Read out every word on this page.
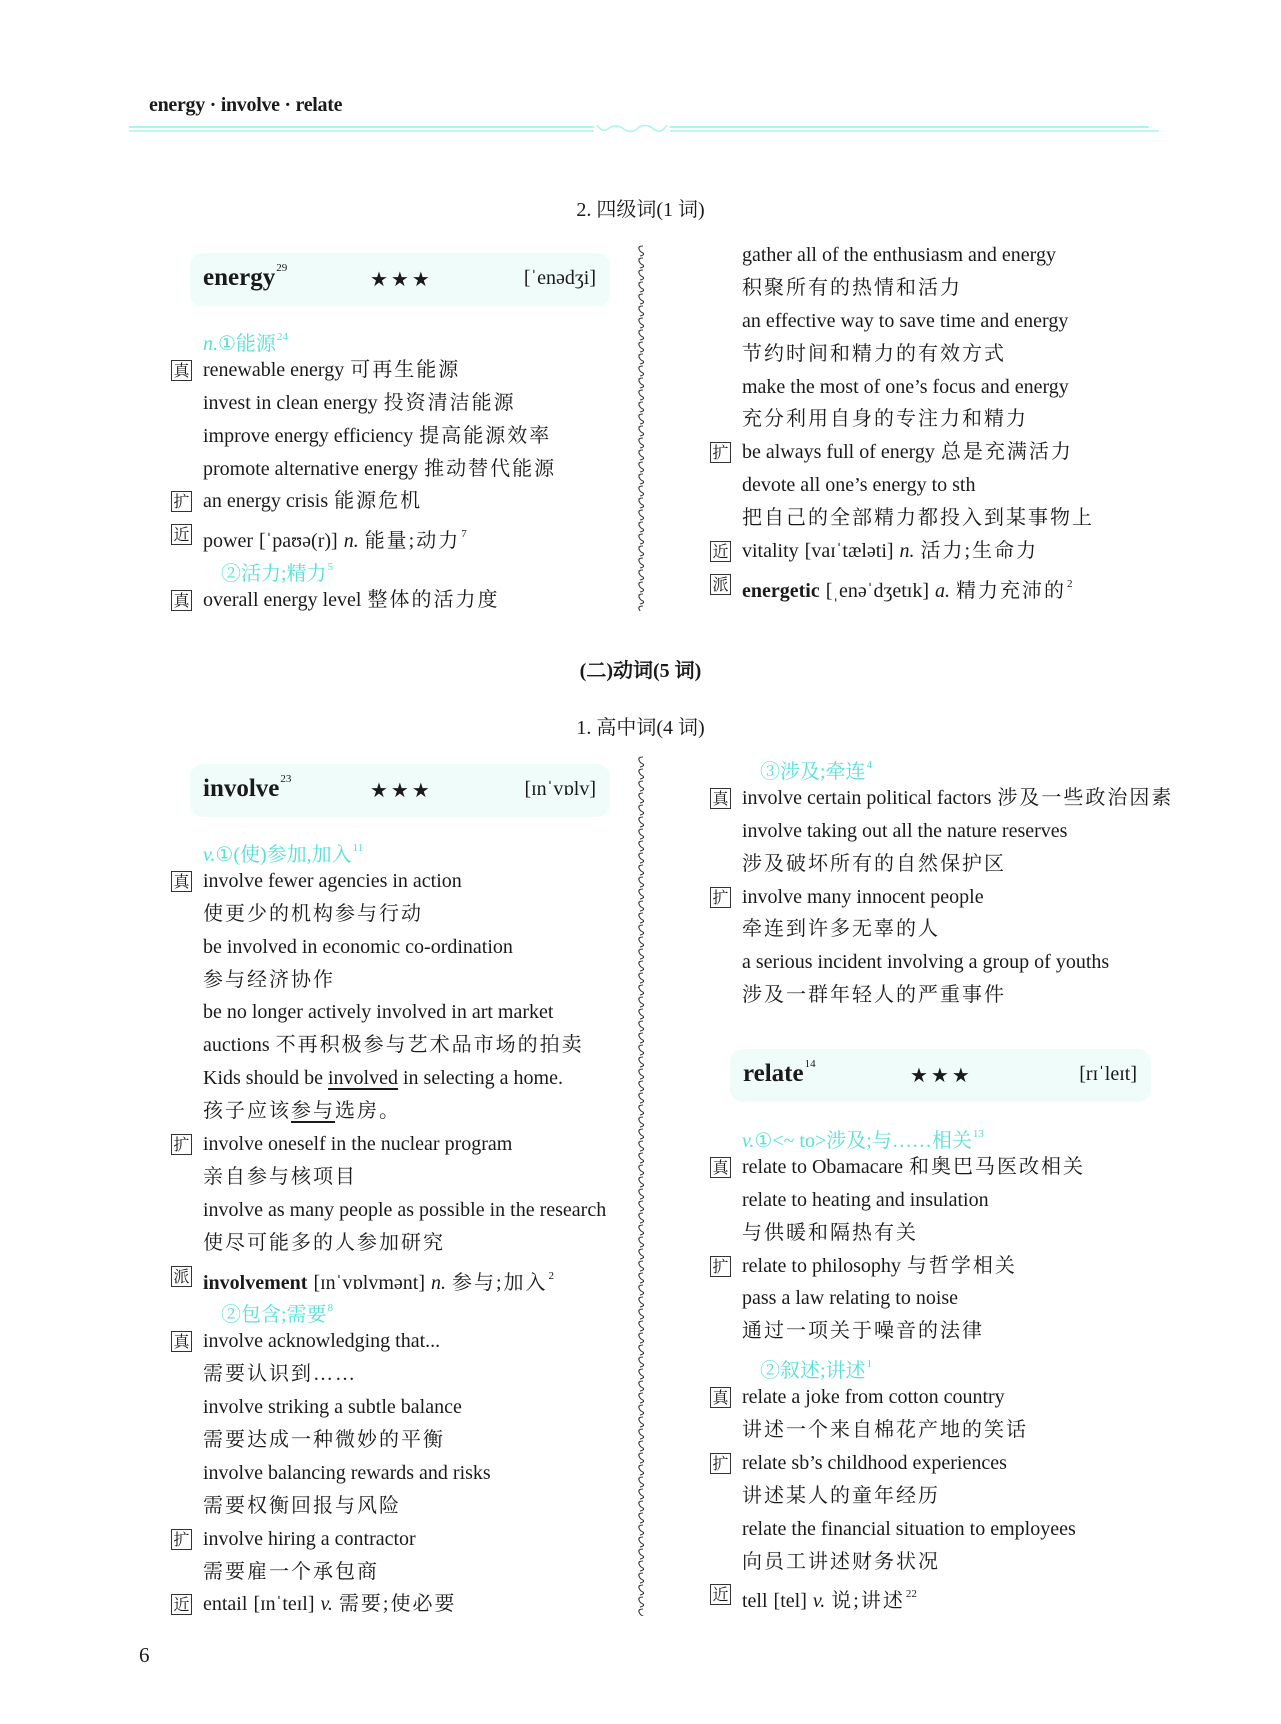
energy · involve · relate
2. 四级词(1 词)
(二)动词(5 词)
1. 高中词(4 词)
energy$^{29}$
★★★	[ˈenədʒi]
involve$^{23}$
★★★	[ɪnˈvɒlv]
relate$^{14}$
★★★	[rɪˈleɪt]
n.①能源$^{24}$
真 renewable energy 可再生能源
invest in clean energy 投资清洁能源
improve energy efficiency 提高能源效率
promote alternative energy 推动替代能源
扩 an energy crisis 能源危机
近 power [ˈpaʊə(r)] n. 能量;动力$^7$
②活力;精力$^5$
真 overall energy level 整体的活力度
gather all of the enthusiasm and energy
积聚所有的热情和活力
an effective way to save time and energy
节约时间和精力的有效方式
make the most of one’s focus and energy
充分利用自身的专注力和精力
扩 be always full of energy 总是充满活力
devote all one’s energy to sth
把自己的全部精力都投入到某事物上
近 vitality [vaɪˈtæləti] n. 活力;生命力
派 energetic [ˌenəˈdʒetɪk] a. 精力充沛的$^2$
v.①(使)参加,加入$^{11}$
真 involve fewer agencies in action
使更少的机构参与行动
be involved in economic co-ordination
参与经济协作
be no longer actively involved in art market
auctions 不再积极参与艺术品市场的拍卖
Kids should be involved in selecting a home.
孩子应该参与选房。
扩 involve oneself in the nuclear program
亲自参与核项目
involve as many people as possible in the research
使尽可能多的人参加研究
派 involvement [ɪnˈvɒlvmənt] n. 参与;加入$^2$
②包含;需要$^8$
真 involve acknowledging that...
需要认识到……
involve striking a subtle balance
需要达成一种微妙的平衡
involve balancing rewards and risks
需要权衡回报与风险
扩 involve hiring a contractor
需要雇一个承包商
近 entail [ɪnˈteɪl] v. 需要;使必要
③涉及;牵连$^4$
真 involve certain political factors 涉及一些政治因素
involve taking out all the nature reserves
涉及破坏所有的自然保护区
扩 involve many innocent people
牵连到许多无辜的人
a serious incident involving a group of youths
涉及一群年轻人的严重事件
v.①<~ to>涉及;与……相关$^{13}$
真 relate to Obamacare 和奥巴马医改相关
relate to heating and insulation
与供暖和隔热有关
扩 relate to philosophy 与哲学相关
pass a law relating to noise
通过一项关于噪音的法律
②叙述;讲述$^1$
真 relate a joke from cotton country
讲述一个来自棉花产地的笑话
扩 relate sb’s childhood experiences
讲述某人的童年经历
relate the financial situation to employees
向员工讲述财务状况
近 tell [tel] v. 说;讲述$^{22}$
6
